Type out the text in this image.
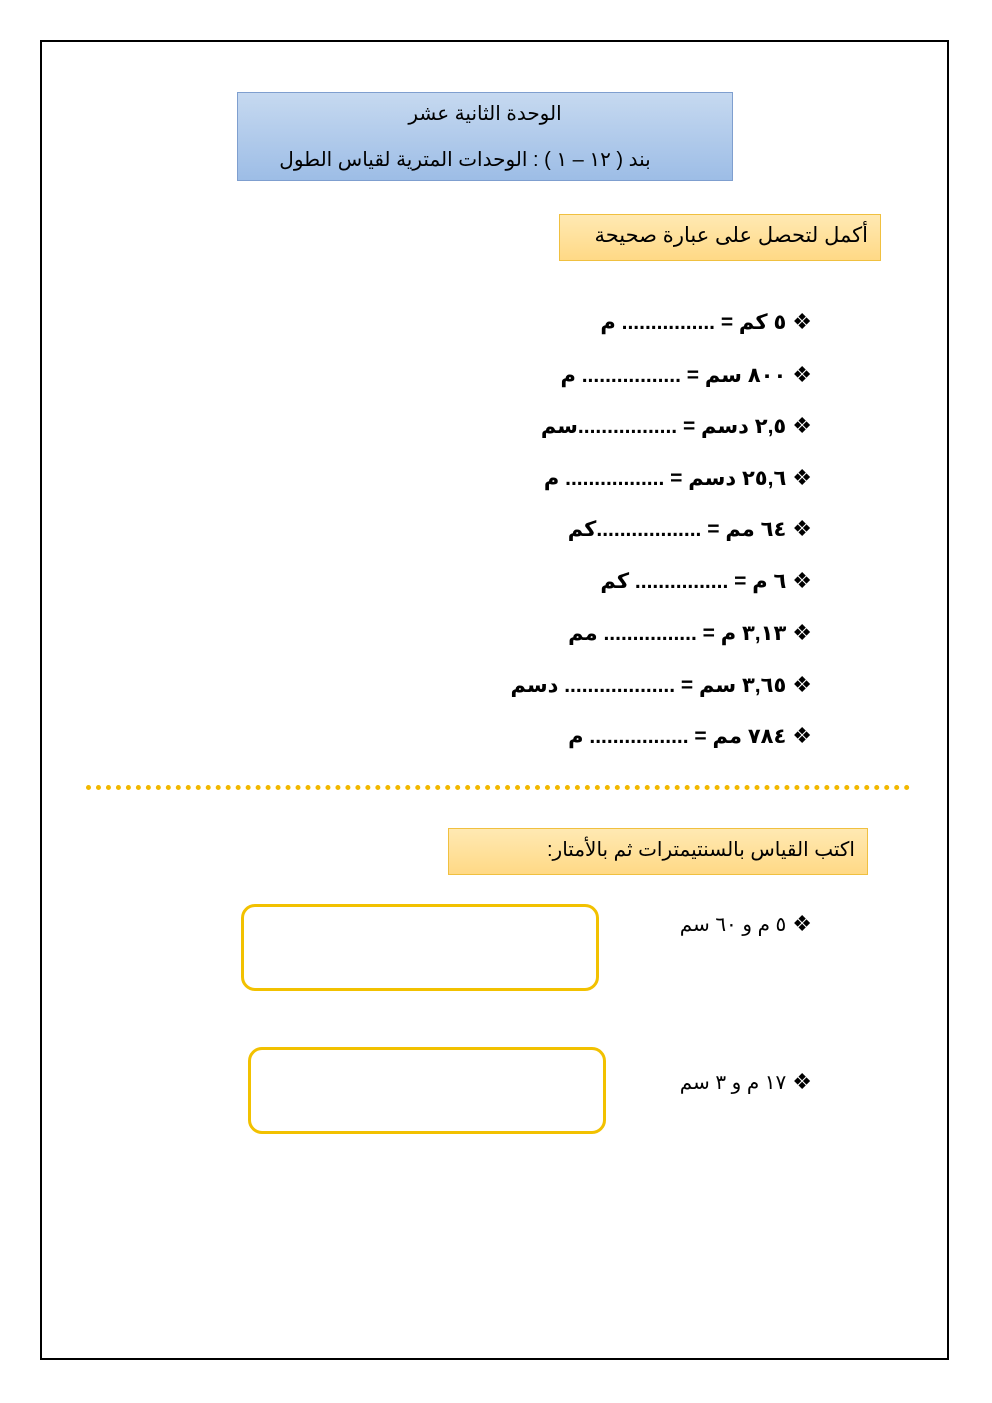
الوحدة الثانية عشر
بند ( ١٢ – ١ ) : الوحدات المترية لقياس الطول
أكمل لتحصل على عبارة صحيحة
❖٥ كم = ................ م
❖٨٠٠ سم = ................. م
❖٢,٥ دسم = .................سم
❖٢٥,٦ دسم = ................. م
❖٦٤ مم = ..................كم
❖٦ م = ................ كم
❖٣,١٣ م = ................ مم
❖٣,٦٥ سم = ................... دسم
❖٧٨٤ مم = ................. م
اكتب القياس بالسنتيمترات ثم بالأمتار:
❖٥ م و ٦٠ سم
❖١٧ م و ٣ سم
